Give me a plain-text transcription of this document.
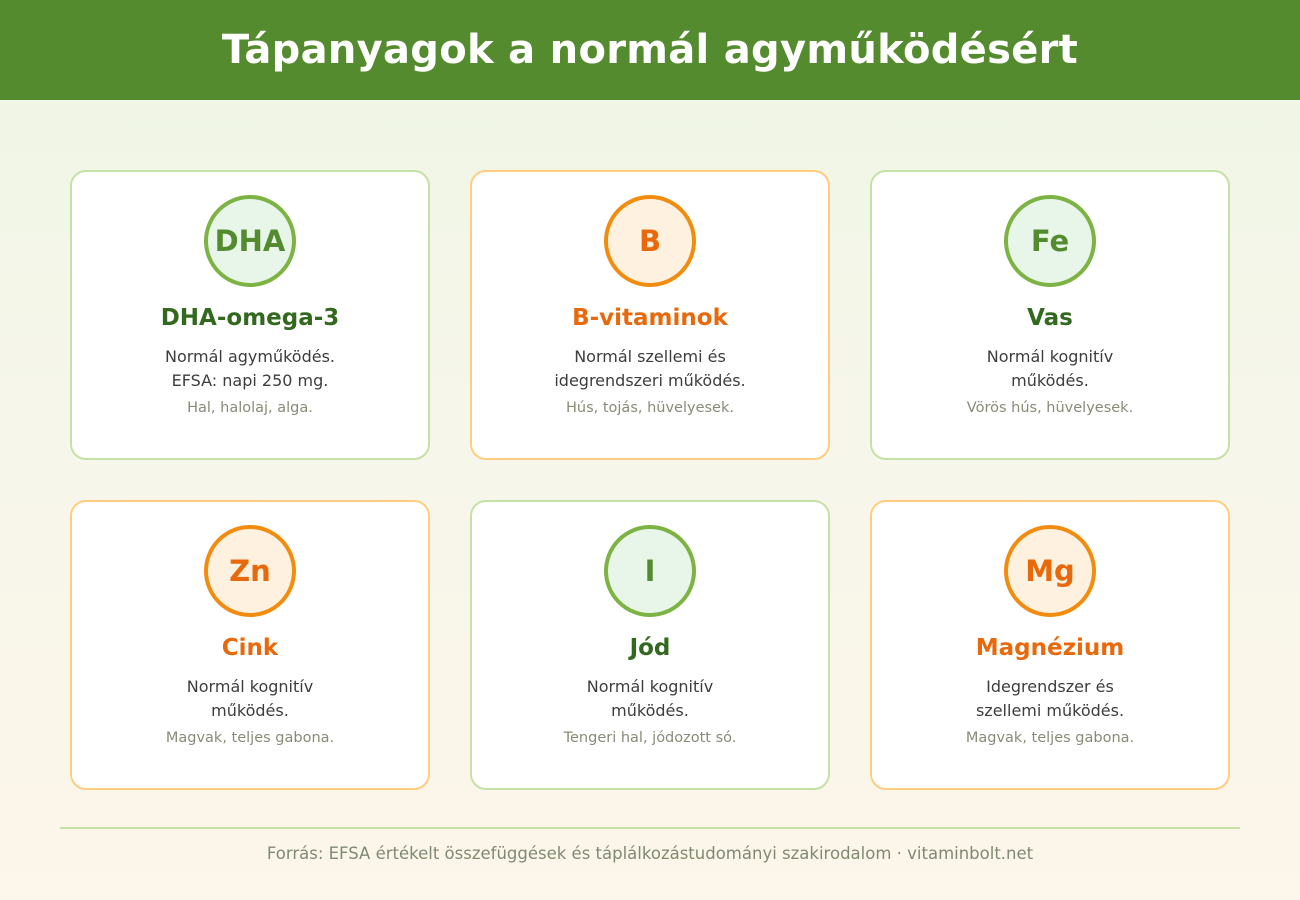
Tápanyagok a normál agyműködésért
DHA
DHA-omega-3
Normál agyműködés.
EFSA: napi 250 mg.
Hal, halolaj, alga.
B
B-vitaminok
Normál szellemi és
idegrendszeri működés.
Hús, tojás, hüvelyesek.
Fe
Vas
Normál kognitív
működés.
Vörös hús, hüvelyesek.
Zn
Cink
Normál kognitív
működés.
Magvak, teljes gabona.
I
Jód
Normál kognitív
működés.
Tengeri hal, jódozott só.
Mg
Magnézium
Idegrendszer és
szellemi működés.
Magvak, teljes gabona.
Forrás: EFSA értékelt összefüggések és táplálkozástudományi szakirodalom · vitaminbolt.net
